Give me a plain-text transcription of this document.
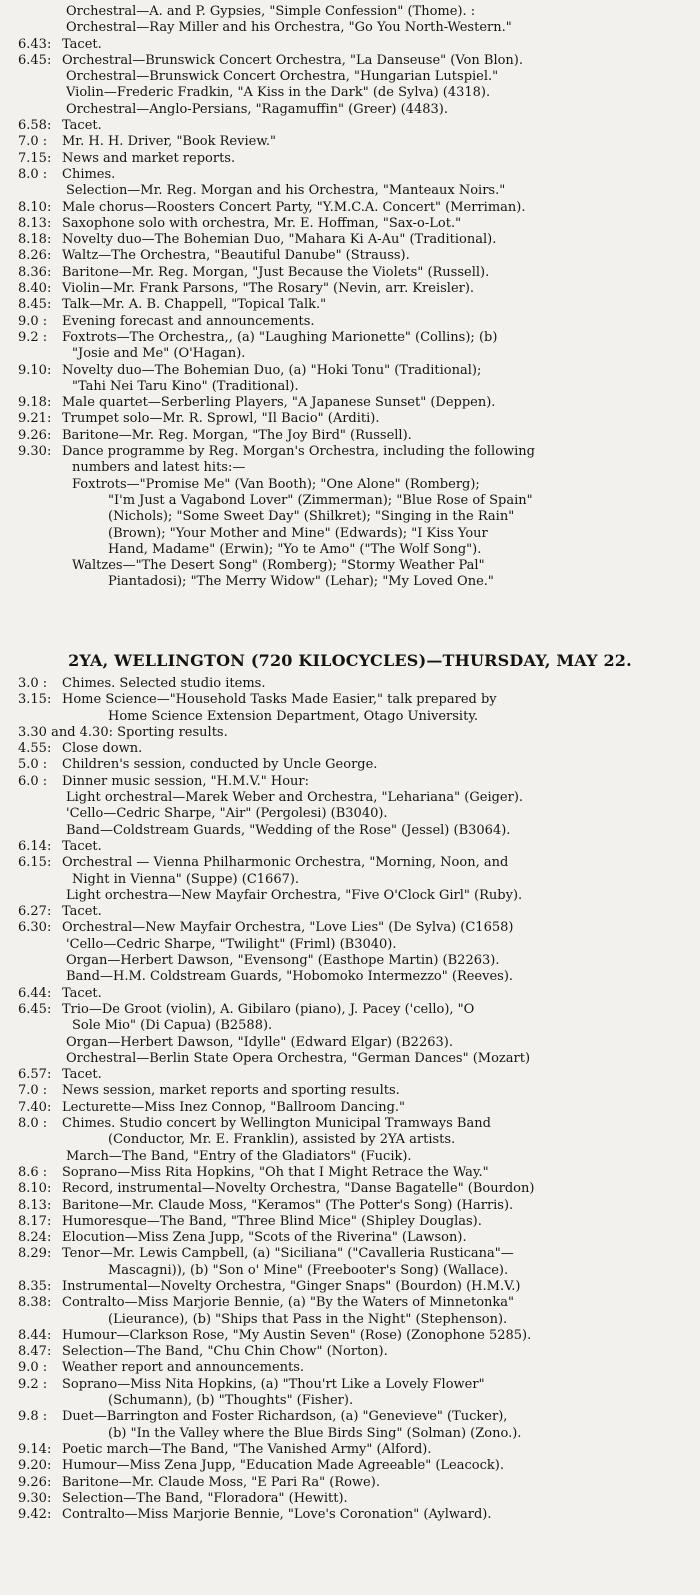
Orchestral—A. and P. Gypsies, "Simple Confession" (Thome). :
Orchestral—Ray Miller and his Orchestra, "Go You North-Western."
6.43: Tacet.
6.45: Orchestral—Brunswick Concert Orchestra, "La Danseuse" (Von Blon).
Orchestral—Brunswick Concert Orchestra, "Hungarian Lutspiel."
Violin—Frederic Fradkin, "A Kiss in the Dark" (de Sylva) (4318).
Orchestral—Anglo-Persians, "Ragamuffin" (Greer) (4483).
6.58: Tacet.
7.0 :	Mr. H. H. Driver, "Book Review."
7.15: News and market reports.
8.0 :	Chimes.
Selection—Mr. Reg. Morgan and his Orchestra, "Manteaux Noirs."
8.10: Male chorus—Roosters Concert Party, "Y.M.C.A. Concert" (Merriman).
8.13: Saxophone solo with orchestra, Mr. E. Hoffman, "Sax-o-Lot."
8.18: Novelty duo—The Bohemian Duo, "Mahara Ki A-Au" (Traditional).
8.26: Waltz—The Orchestra, "Beautiful Danube" (Strauss).
8.36: Baritone—Mr. Reg. Morgan, "Just Because the Violets" (Russell).
8.40: Violin—Mr. Frank Parsons, "The Rosary" (Nevin, arr. Kreisler).
8.45: Talk—Mr. A. B. Chappell, "Topical Talk."
9.0 :	Evening forecast and announcements.
9.2 :	Foxtrots—The Orchestra,, (a) "Laughing Marionette" (Collins); (b)
"Josie and Me" (O'Hagan).
9.10: Novelty duo—The Bohemian Duo, (a) "Hoki Tonu" (Traditional);
"Tahi Nei Taru Kino" (Traditional).
9.18: Male quartet—Serberling Players, "A Japanese Sunset" (Deppen).
9.21: Trumpet solo—Mr. R. Sprowl, "Il Bacio" (Arditi).
9.26: Baritone—Mr. Reg. Morgan, "The Joy Bird" (Russell).
9.30: Dance programme by Reg. Morgan's Orchestra, including the following
numbers and latest hits:—
Foxtrots—"Promise Me" (Van Booth); "One Alone" (Romberg);
"I'm Just a Vagabond Lover" (Zimmerman); "Blue Rose of Spain"
(Nichols); "Some Sweet Day" (Shilkret); "Singing in the Rain"
(Brown); "Your Mother and Mine" (Edwards); "I Kiss Your
Hand, Madame" (Erwin); "Yo te Amo" ("The Wolf Song").
Waltzes—"The Desert Song" (Romberg); "Stormy Weather Pal"
Piantadosi); "The Merry Widow" (Lehar); "My Loved One."
2YA, WELLINGTON (720 KILOCYCLES)—THURSDAY, MAY 22.
3.0 :	Chimes. Selected studio items.
3.15: Home Science—"Household Tasks Made Easier," talk prepared by
Home Science Extension Department, Otago University.
3.30 and 4.30: Sporting results.
4.55: Close down.
5.0 :	Children's session, conducted by Uncle George.
6.0 :	Dinner music session, "H.M.V." Hour:
Light orchestral—Marek Weber and Orchestra, "Lehariana" (Geiger).
'Cello—Cedric Sharpe, "Air" (Pergolesi) (B3040).
Band—Coldstream Guards, "Wedding of the Rose" (Jessel) (B3064).
6.14: Tacet.
6.15: Orchestral — Vienna Philharmonic Orchestra, "Morning, Noon, and
Night in Vienna" (Suppe) (C1667).
Light orchestra—New Mayfair Orchestra, "Five O'Clock Girl" (Ruby).
6.27: Tacet.
6.30: Orchestral—New Mayfair Orchestra, "Love Lies" (De Sylva) (C1658)
'Cello—Cedric Sharpe, "Twilight" (Friml) (B3040).
Organ—Herbert Dawson, "Evensong" (Easthope Martin) (B2263).
Band—H.M. Coldstream Guards, "Hobomoko Intermezzo" (Reeves).
6.44: Tacet.
6.45: Trio—De Groot (violin), A. Gibilaro (piano), J. Pacey ('cello), "O
Sole Mio" (Di Capua) (B2588).
Organ—Herbert Dawson, "Idylle" (Edward Elgar) (B2263).
Orchestral—Berlin State Opera Orchestra, "German Dances" (Mozart)
6.57: Tacet.
7.0 :	News session, market reports and sporting results.
7.40: Lecturette—Miss Inez Connop, "Ballroom Dancing."
8.0 :	Chimes. Studio concert by Wellington Municipal Tramways Band
(Conductor, Mr. E. Franklin), assisted by 2YA artists.
March—The Band, "Entry of the Gladiators" (Fucik).
8.6 :	Soprano—Miss Rita Hopkins, "Oh that I Might Retrace the Way."
8.10: Record, instrumental—Novelty Orchestra, "Danse Bagatelle" (Bourdon)
8.13: Baritone—Mr. Claude Moss, "Keramos" (The Potter's Song) (Harris).
8.17: Humoresque—The Band, "Three Blind Mice" (Shipley Douglas).
8.24: Elocution—Miss Zena Jupp, "Scots of the Riverina" (Lawson).
8.29: Tenor—Mr. Lewis Campbell, (a) "Siciliana" ("Cavalleria Rusticana"—
Mascagni)), (b) "Son o' Mine" (Freebooter's Song) (Wallace).
8.35: Instrumental—Novelty Orchestra, "Ginger Snaps" (Bourdon) (H.M.V.)
8.38: Contralto—Miss Marjorie Bennie, (a) "By the Waters of Minnetonka"
(Lieurance), (b) "Ships that Pass in the Night" (Stephenson).
8.44: Humour—Clarkson Rose, "My Austin Seven" (Rose) (Zonophone 5285).
8.47: Selection—The Band, "Chu Chin Chow" (Norton).
9.0 :	Weather report and announcements.
9.2 :	Soprano—Miss Nita Hopkins, (a) "Thou'rt Like a Lovely Flower"
(Schumann), (b) "Thoughts" (Fisher).
9.8 :	Duet—Barrington and Foster Richardson, (a) "Genevieve" (Tucker),
(b) "In the Valley where the Blue Birds Sing" (Solman) (Zono.).
9.14: Poetic march—The Band, "The Vanished Army" (Alford).
9.20: Humour—Miss Zena Jupp, "Education Made Agreeable" (Leacock).
9.26: Baritone—Mr. Claude Moss, "E Pari Ra" (Rowe).
9.30: Selection—The Band, "Floradora" (Hewitt).
9.42: Contralto—Miss Marjorie Bennie, "Love's Coronation" (Aylward).
